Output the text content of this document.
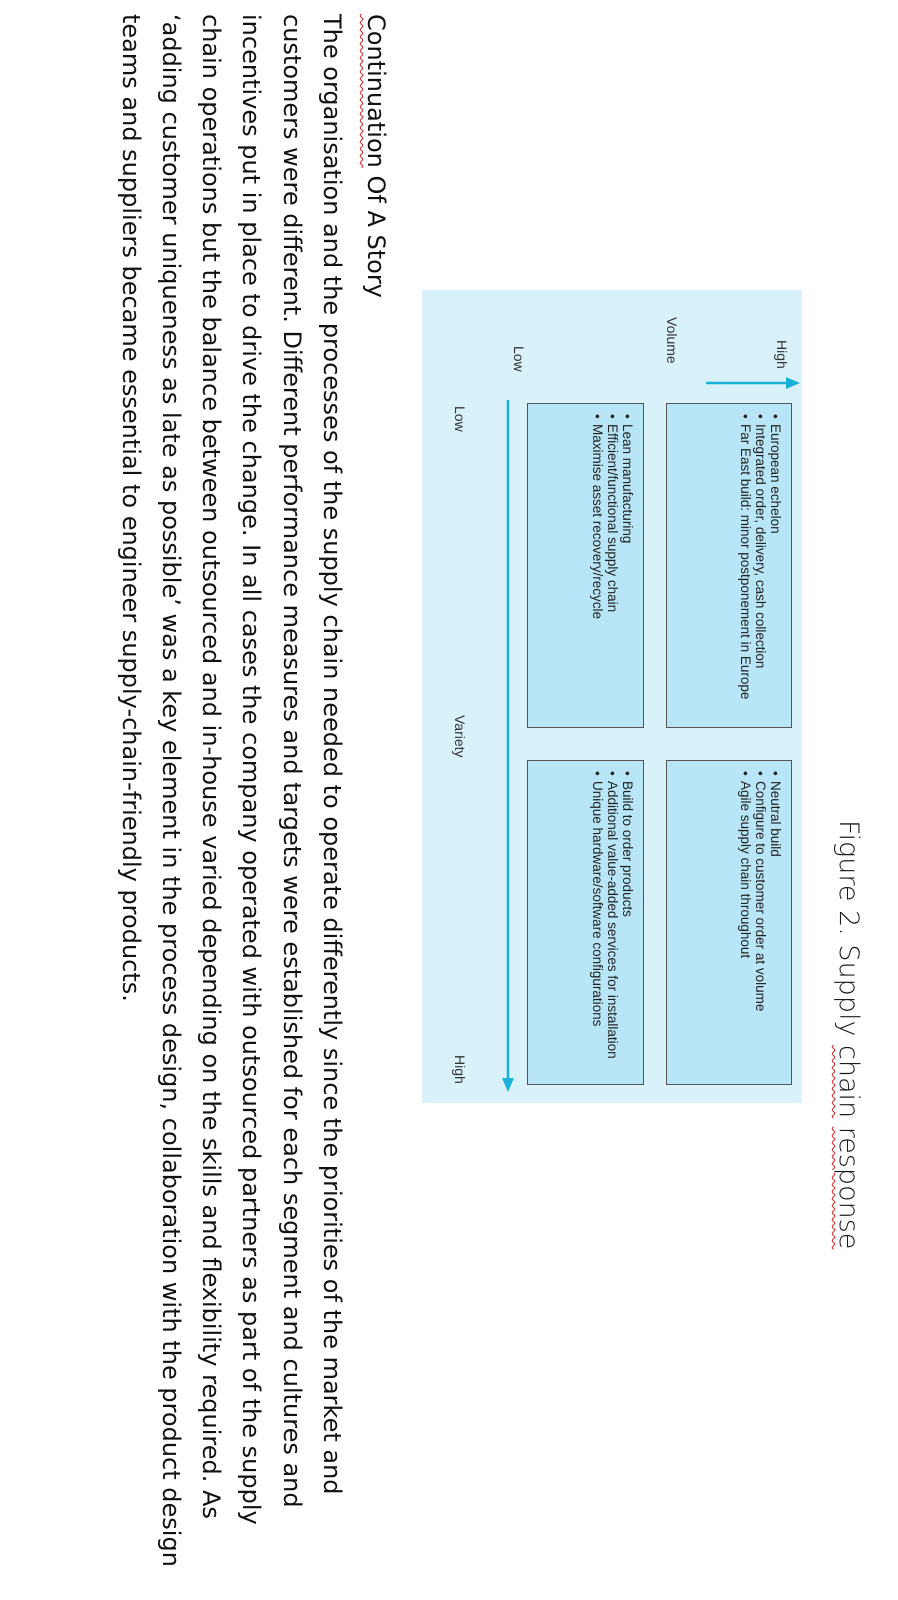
Figure 2. Supply chain response
Volume	High
Low
Low
Variety
High
• European echelon
• Integrated order, delivery, cash collection
• Far East build: minor postponement in Europe
• Neutral build
• Configure to customer order at volume
• Agile supply chain throughout
• Lean manufacturing
• Efficient/functional supply chain
• Maximise asset recovery/recycle
• Build to order products
• Additional value-added services for installation
• Unique hardware/software configurations
Continuation Of A Story
The organisation and the processes of the supply chain needed to operate differently since the priorities of the market and customers were different. Different performance measures and targets were established for each segment and cultures and incentives put in place to drive the change. In all cases the company operated with outsourced partners as part of the supply chain operations but the balance between outsourced and in-house varied depending on the skills and flexibility required. As ‘adding customer uniqueness as late as possible’ was a key element in the process design, collaboration with the product design teams and suppliers became essential to engineer supply-chain-friendly products.
